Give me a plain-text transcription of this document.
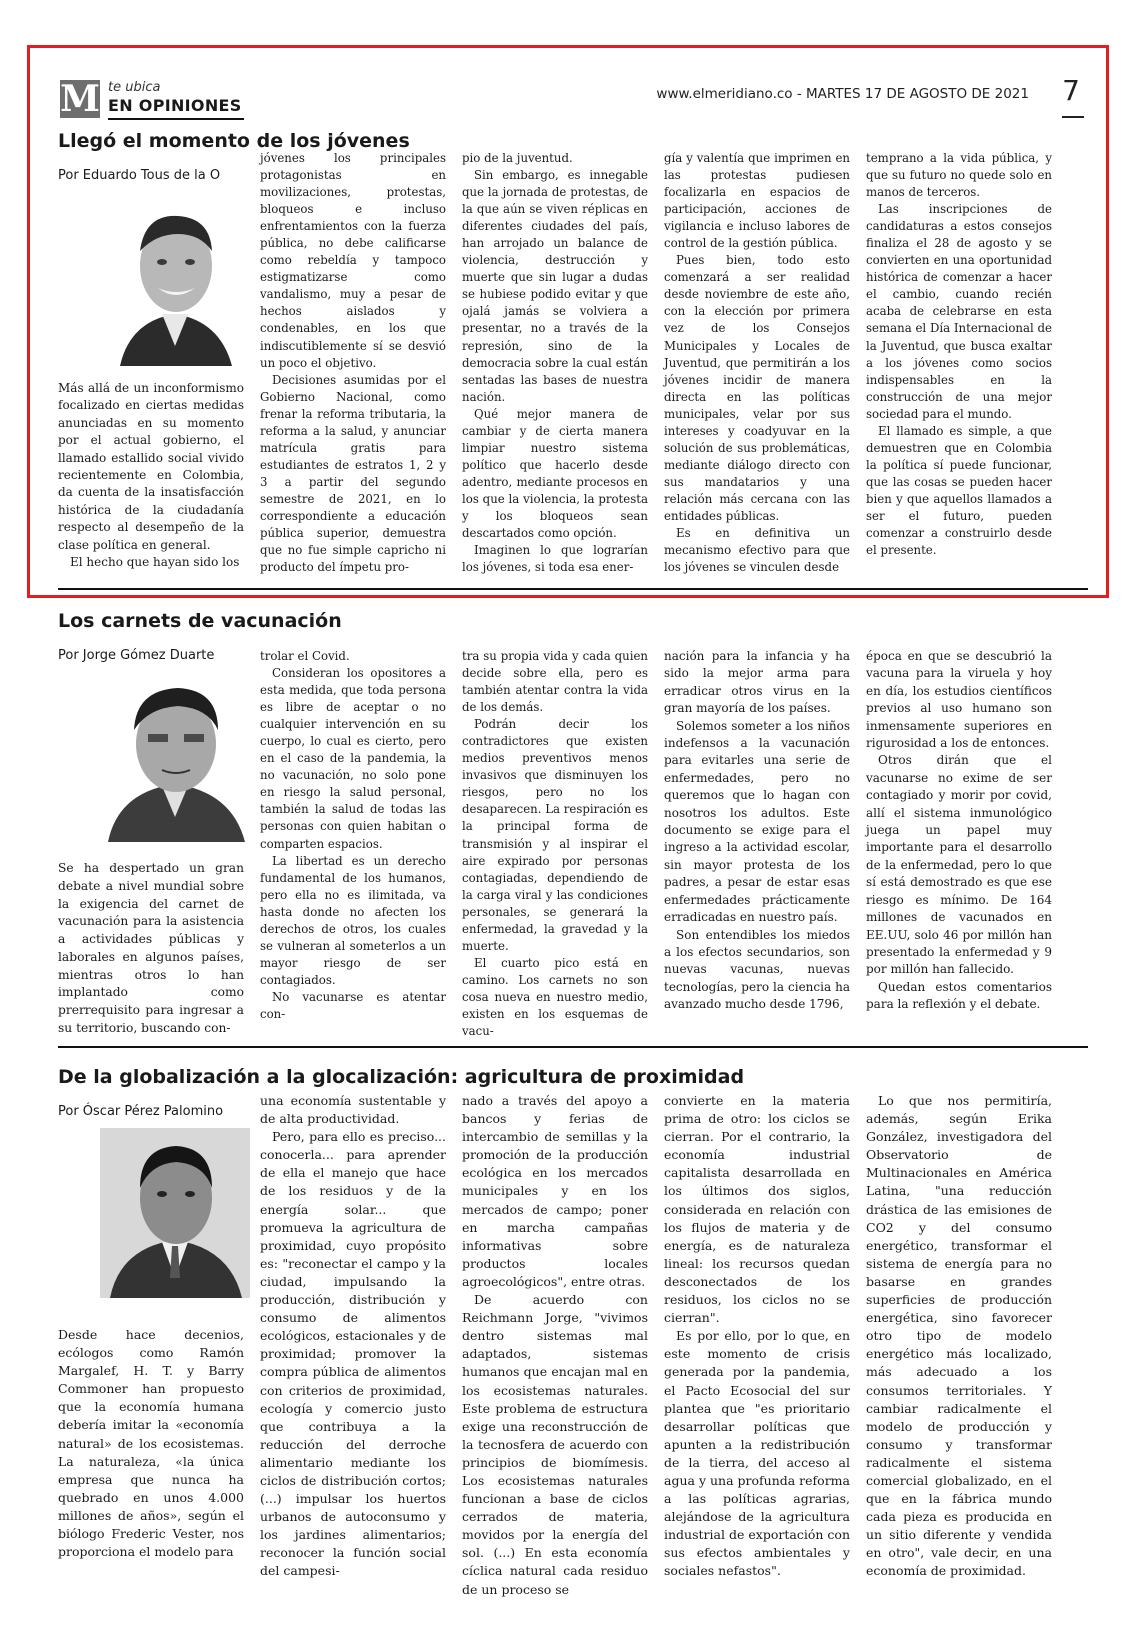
M te ubica
EN OPINIONES
www.elmeridiano.co - MARTES 17 DE AGOSTO DE 2021 7
Llegó el momento de los jóvenes
Por Eduardo Tous de la O

Más allá de un inconformismo focalizado en ciertas medidas anunciadas en su momento por el actual gobierno, el llamado estallido social vivido recientemente en Colombia, da cuenta de la insatisfacción histórica de la ciudadanía respecto al desempeño de la clase política en general.

El hecho que hayan sido los

jóvenes los principales protagonistas en movilizaciones, protestas, bloqueos e incluso enfrentamientos con la fuerza pública, no debe calificarse como rebeldía y tampoco estigmatizarse como vandalismo, muy a pesar de hechos aislados y condenables, en los que indiscutiblemente sí se desvió un poco el objetivo.

Decisiones asumidas por el Gobierno Nacional, como frenar la reforma tributaria, la reforma a la salud, y anunciar matrícula gratis para estudiantes de estratos 1, 2 y 3 a partir del segundo semestre de 2021, en lo correspondiente a educación pública superior, demuestra que no fue simple capricho ni producto del ímpetu pro-

pio de la juventud.

Sin embargo, es innegable que la jornada de protestas, de la que aún se viven réplicas en diferentes ciudades del país, han arrojado un balance de violencia, destrucción y muerte que sin lugar a dudas se hubiese podido evitar y que ojalá jamás se volviera a presentar, no a través de la represión, sino de la democracia sobre la cual están sentadas las bases de nuestra nación.

Qué mejor manera de cambiar y de cierta manera limpiar nuestro sistema político que hacerlo desde adentro, mediante procesos en los que la violencia, la protesta y los bloqueos sean descartados como opción.

Imaginen lo que lograrían los jóvenes, si toda esa ener-

gía y valentía que imprimen en las protestas pudiesen focalizarla en espacios de participación, acciones de vigilancia e incluso labores de control de la gestión pública.

Pues bien, todo esto comenzará a ser realidad desde noviembre de este año, con la elección por primera vez de los Consejos Municipales y Locales de Juventud, que permitirán a los jóvenes incidir de manera directa en las políticas municipales, velar por sus intereses y coadyuvar en la solución de sus problemáticas, mediante diálogo directo con sus mandatarios y una relación más cercana con las entidades públicas.

Es en definitiva un mecanismo efectivo para que los jóvenes se vinculen desde

temprano a la vida pública, y que su futuro no quede solo en manos de terceros.

Las inscripciones de candidaturas a estos consejos finaliza el 28 de agosto y se convierten en una oportunidad histórica de comenzar a hacer el cambio, cuando recién acaba de celebrarse en esta semana el Día Internacional de la Juventud, que busca exaltar a los jóvenes como socios indispensables en la construcción de una mejor sociedad para el mundo.

El llamado es simple, a que demuestren que en Colombia la política sí puede funcionar, que las cosas se pueden hacer bien y que aquellos llamados a ser el futuro, pueden comenzar a construirlo desde el presente.

Los carnets de vacunación
Por Jorge Gómez Duarte

Se ha despertado un gran debate a nivel mundial sobre la exigencia del carnet de vacunación para la asistencia a actividades públicas y laborales en algunos países, mientras otros lo han implantado como prerrequisito para ingresar a su territorio, buscando con-

trolar el Covid.

Consideran los opositores a esta medida, que toda persona es libre de aceptar o no cualquier intervención en su cuerpo, lo cual es cierto, pero en el caso de la pandemia, la no vacunación, no solo pone en riesgo la salud personal, también la salud de todas las personas con quien habitan o comparten espacios.

La libertad es un derecho fundamental de los humanos, pero ella no es ilimitada, va hasta donde no afecten los derechos de otros, los cuales se vulneran al someterlos a un mayor riesgo de ser contagiados.

No vacunarse es atentar con-

tra su propia vida y cada quien decide sobre ella, pero es también atentar contra la vida de los demás.

Podrán decir los contradictores que existen medios preventivos menos invasivos que disminuyen los riesgos, pero no los desaparecen. La respiración es la principal forma de transmisión y al inspirar el aire expirado por personas contagiadas, dependiendo de la carga viral y las condiciones personales, se generará la enfermedad, la gravedad y la muerte.

El cuarto pico está en camino. Los carnets no son cosa nueva en nuestro medio, existen en los esquemas de vacu-

nación para la infancia y ha sido la mejor arma para erradicar otros virus en la gran mayoría de los países.

Solemos someter a los niños indefensos a la vacunación para evitarles una serie de enfermedades, pero no queremos que lo hagan con nosotros los adultos. Este documento se exige para el ingreso a la actividad escolar, sin mayor protesta de los padres, a pesar de estar esas enfermedades prácticamente erradicadas en nuestro país.

Son entendibles los miedos a los efectos secundarios, son nuevas vacunas, nuevas tecnologías, pero la ciencia ha avanzado mucho desde 1796,

época en que se descubrió la vacuna para la viruela y hoy en día, los estudios científicos previos al uso humano son inmensamente superiores en rigurosidad a los de entonces.

Otros dirán que el vacunarse no exime de ser contagiado y morir por covid, allí el sistema inmunológico juega un papel muy importante para el desarrollo de la enfermedad, pero lo que sí está demostrado es que ese riesgo es mínimo. De 164 millones de vacunados en EE.UU, solo 46 por millón han presentado la enfermedad y 9 por millón han fallecido.

Quedan estos comentarios para la reflexión y el debate.

De la globalización a la glocalización: agricultura de proximidad
Por Óscar Pérez Palomino

Desde hace decenios, ecólogos como Ramón Margalef, H. T. y Barry Commoner han propuesto que la economía humana debería imitar la «economía natural» de los ecosistemas. La naturaleza, «la única empresa que nunca ha quebrado en unos 4.000 millones de años», según el biólogo Frederic Vester, nos proporciona el modelo para

una economía sustentable y de alta productividad.

Pero, para ello es preciso... conocerla... para aprender de ella el manejo que hace de los residuos y de la energía solar... que promueva la agricultura de proximidad, cuyo propósito es: "reconectar el campo y la ciudad, impulsando la producción, distribución y consumo de alimentos ecológicos, estacionales y de proximidad; promover la compra pública de alimentos con criterios de proximidad, ecología y comercio justo que contribuya a la reducción del derroche alimentario mediante los ciclos de distribución cortos; (...) impulsar los huertos urbanos de autoconsumo y los jardines alimentarios; reconocer la función social del campesi-

nado a través del apoyo a bancos y ferias de intercambio de semillas y la promoción de la producción ecológica en los mercados municipales y en los mercados de campo; poner en marcha campañas informativas sobre productos locales agroecológicos", entre otras.

De acuerdo con Reichmann Jorge, "vivimos dentro sistemas mal adaptados, sistemas humanos que encajan mal en los ecosistemas naturales. Este problema de estructura exige una reconstrucción de la tecnosfera de acuerdo con principios de biomímesis. Los ecosistemas naturales funcionan a base de ciclos cerrados de materia, movidos por la energía del sol. (...) En esta economía cíclica natural cada residuo de un proceso se

convierte en la materia prima de otro: los ciclos se cierran. Por el contrario, la economía industrial capitalista desarrollada en los últimos dos siglos, considerada en relación con los flujos de materia y de energía, es de naturaleza lineal: los recursos quedan desconectados de los residuos, los ciclos no se cierran".

Es por ello, por lo que, en este momento de crisis generada por la pandemia, el Pacto Ecosocial del sur plantea que "es prioritario desarrollar políticas que apunten a la redistribución de la tierra, del acceso al agua y una profunda reforma a las políticas agrarias, alejándose de la agricultura industrial de exportación con sus efectos ambientales y sociales nefastos".

Lo que nos permitiría, además, según Erika González, investigadora del Observatorio de Multinacionales en América Latina, "una reducción drástica de las emisiones de CO2 y del consumo energético, transformar el sistema de energía para no basarse en grandes superficies de producción energética, sino favorecer otro tipo de modelo energético más localizado, más adecuado a los consumos territoriales. Y cambiar radicalmente el modelo de producción y consumo y transformar radicalmente el sistema comercial globalizado, en el que en la fábrica mundo cada pieza es producida en un sitio diferente y vendida en otro", vale decir, en una economía de proximidad.
